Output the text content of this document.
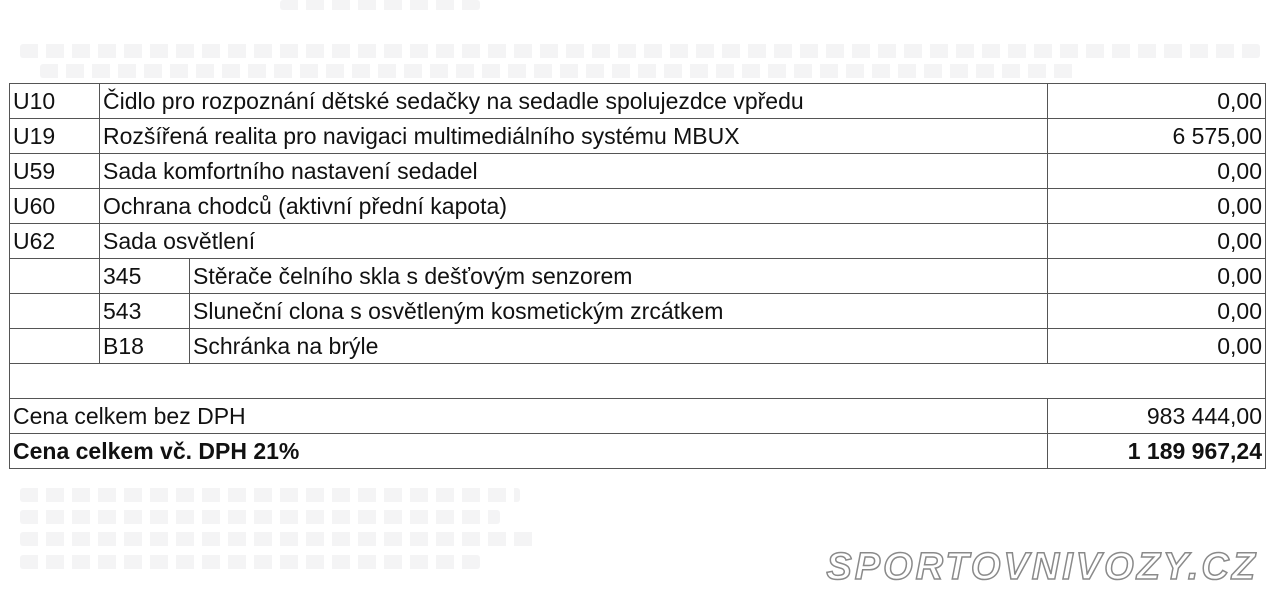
U10	Čidlo pro rozpoznání dětské sedačky na sedadle spolujezdce vpředu		0,00
U19	Rozšířená realita pro navigaci multimediálního systému MBUX		6 575,00
U59	Sada komfortního nastavení sedadel		0,00
U60	Ochrana chodců (aktivní přední kapota)		0,00
U62	Sada osvětlení		0,00
	345	Stěrače čelního skla s dešťovým senzorem	0,00
	543	Sluneční clona s osvětleným kosmetickým zrcátkem	0,00
	B18	Schránka na brýle	0,00

Cena celkem bez DPH			983 444,00
Cena celkem vč. DPH 21%			1 189 967,24
SPORTOVNIVOZY.CZ
